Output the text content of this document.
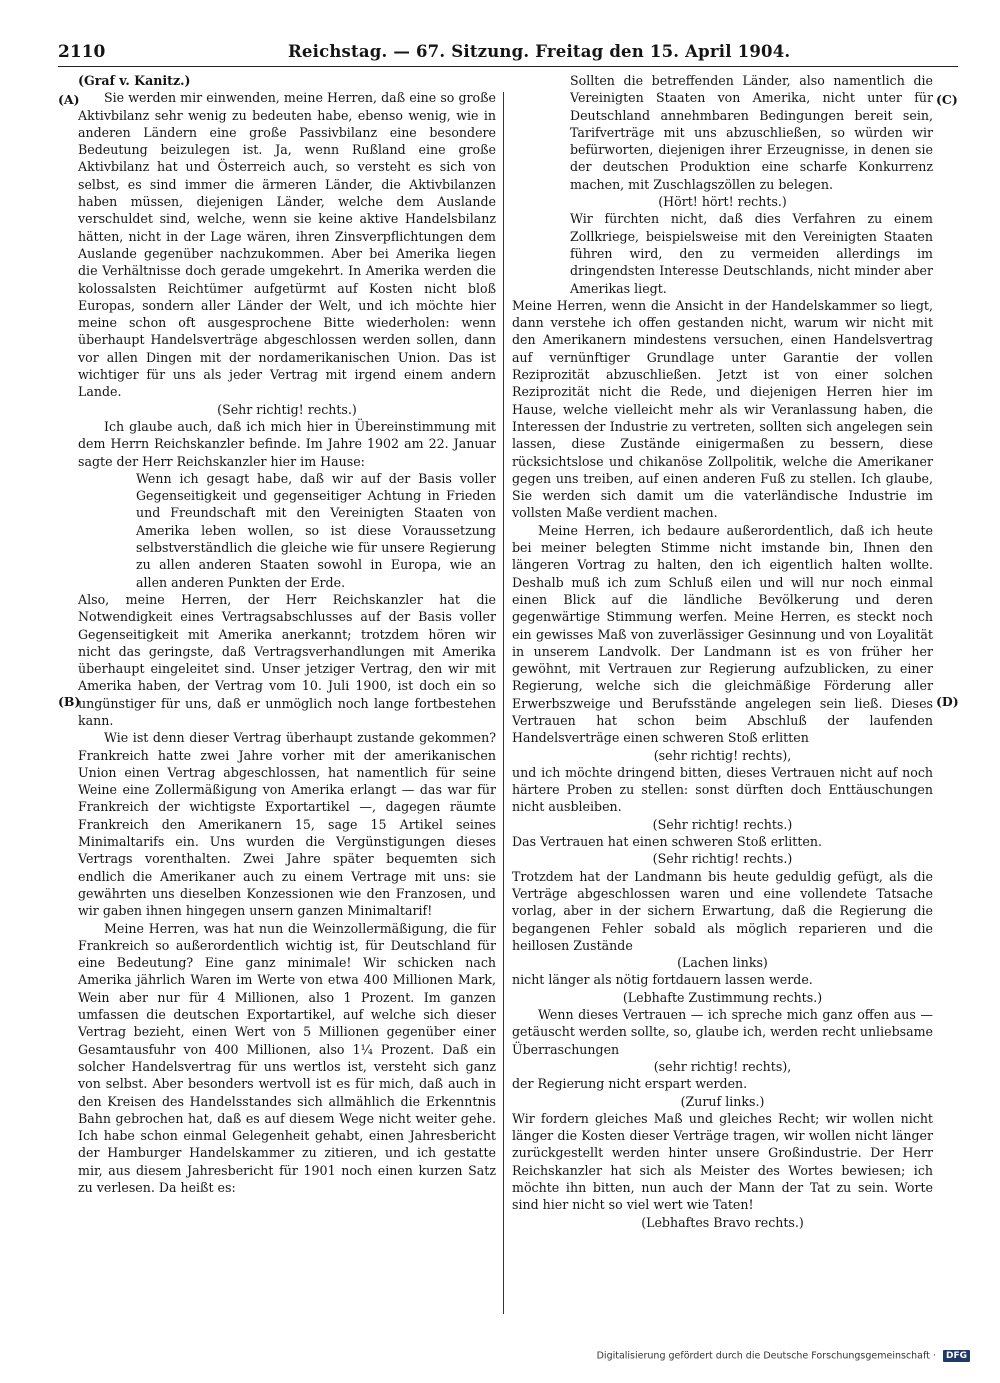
2110	Reichstag. — 67. Sitzung. Freitag den 15. April 1904.
(A)
(B)
(C)
(D)

(Graf v. Kanitz.)

Sie werden mir einwenden, meine Herren, daß eine so große Aktivbilanz sehr wenig zu bedeuten habe, ebenso wenig, wie in anderen Ländern eine große Passivbilanz eine besondere Bedeutung beizulegen ist. Ja, wenn Rußland eine große Aktivbilanz hat und Österreich auch, so versteht es sich von selbst, es sind immer die ärmeren Länder, die Aktivbilanzen haben müssen, diejenigen Länder, welche dem Auslande verschuldet sind, welche, wenn sie keine aktive Handelsbilanz hätten, nicht in der Lage wären, ihren Zinsverpflichtungen dem Auslande gegenüber nachzukommen. Aber bei Amerika liegen die Verhältnisse doch gerade umgekehrt. In Amerika werden die kolossalsten Reichtümer aufgetürmt auf Kosten nicht bloß Europas, sondern aller Länder der Welt, und ich möchte hier meine schon oft ausgesprochene Bitte wiederholen: wenn überhaupt Handelsverträge abgeschlossen werden sollen, dann vor allen Dingen mit der nordamerikanischen Union. Das ist wichtiger für uns als jeder Vertrag mit irgend einem andern Lande.

(Sehr richtig! rechts.)

Ich glaube auch, daß ich mich hier in Übereinstimmung mit dem Herrn Reichskanzler befinde. Im Jahre 1902 am 22. Januar sagte der Herr Reichskanzler hier im Hause:

Wenn ich gesagt habe, daß wir auf der Basis voller Gegenseitigkeit und gegenseitiger Achtung in Frieden und Freundschaft mit den Vereinigten Staaten von Amerika leben wollen, so ist diese Voraussetzung selbstverständlich die gleiche wie für unsere Regierung zu allen anderen Staaten sowohl in Europa, wie an allen anderen Punkten der Erde.

Also, meine Herren, der Herr Reichskanzler hat die Notwendigkeit eines Vertragsabschlusses auf der Basis voller Gegenseitigkeit mit Amerika anerkannt; trotzdem hören wir nicht das geringste, daß Vertragsverhandlungen mit Amerika überhaupt eingeleitet sind. Unser jetziger Vertrag, den wir mit Amerika haben, der Vertrag vom 10. Juli 1900, ist doch ein so ungünstiger für uns, daß er unmöglich noch lange fortbestehen kann.

Wie ist denn dieser Vertrag überhaupt zustande gekommen? Frankreich hatte zwei Jahre vorher mit der amerikanischen Union einen Vertrag abgeschlossen, hat namentlich für seine Weine eine Zollermäßigung von Amerika erlangt — das war für Frankreich der wichtigste Exportartikel —, dagegen räumte Frankreich den Amerikanern 15, sage 15 Artikel seines Minimaltarifs ein. Uns wurden die Vergünstigungen dieses Vertrags vorenthalten. Zwei Jahre später bequemten sich endlich die Amerikaner auch zu einem Vertrage mit uns: sie gewährten uns dieselben Konzessionen wie den Franzosen, und wir gaben ihnen hingegen unsern ganzen Minimaltarif!

Meine Herren, was hat nun die Weinzollermäßigung, die für Frankreich so außerordentlich wichtig ist, für Deutschland für eine Bedeutung? Eine ganz minimale! Wir schicken nach Amerika jährlich Waren im Werte von etwa 400 Millionen Mark, Wein aber nur für 4 Millionen, also 1 Prozent. Im ganzen umfassen die deutschen Exportartikel, auf welche sich dieser Vertrag bezieht, einen Wert von 5 Millionen gegenüber einer Gesamtausfuhr von 400 Millionen, also 1¼ Prozent. Daß ein solcher Handelsvertrag für uns wertlos ist, versteht sich ganz von selbst. Aber besonders wertvoll ist es für mich, daß auch in den Kreisen des Handelsstandes sich allmählich die Erkenntnis Bahn gebrochen hat, daß es auf diesem Wege nicht weiter gehe. Ich habe schon einmal Gelegenheit gehabt, einen Jahresbericht der Hamburger Handelskammer zu zitieren, und ich gestatte mir, aus diesem Jahresbericht für 1901 noch einen kurzen Satz zu verlesen. Da heißt es:

Sollten die betreffenden Länder, also namentlich die Vereinigten Staaten von Amerika, nicht unter für Deutschland annehmbaren Bedingungen bereit sein, Tarifverträge mit uns abzuschließen, so würden wir befürworten, diejenigen ihrer Erzeugnisse, in denen sie der deutschen Produktion eine scharfe Konkurrenz machen, mit Zuschlagszöllen zu belegen.

(Hört! hört! rechts.)

Wir fürchten nicht, daß dies Verfahren zu einem Zollkriege, beispielsweise mit den Vereinigten Staaten führen wird, den zu vermeiden allerdings im dringendsten Interesse Deutschlands, nicht minder aber Amerikas liegt.

Meine Herren, wenn die Ansicht in der Handelskammer so liegt, dann verstehe ich offen gestanden nicht, warum wir nicht mit den Amerikanern mindestens versuchen, einen Handelsvertrag auf vernünftiger Grundlage unter Garantie der vollen Reziprozität abzuschließen. Jetzt ist von einer solchen Reziprozität nicht die Rede, und diejenigen Herren hier im Hause, welche vielleicht mehr als wir Veranlassung haben, die Interessen der Industrie zu vertreten, sollten sich angelegen sein lassen, diese Zustände einigermaßen zu bessern, diese rücksichtslose und chikanöse Zollpolitik, welche die Amerikaner gegen uns treiben, auf einen anderen Fuß zu stellen. Ich glaube, Sie werden sich damit um die vaterländische Industrie im vollsten Maße verdient machen.

Meine Herren, ich bedaure außerordentlich, daß ich heute bei meiner belegten Stimme nicht imstande bin, Ihnen den längeren Vortrag zu halten, den ich eigentlich halten wollte. Deshalb muß ich zum Schluß eilen und will nur noch einmal einen Blick auf die ländliche Bevölkerung und deren gegenwärtige Stimmung werfen. Meine Herren, es steckt noch ein gewisses Maß von zuverlässiger Gesinnung und von Loyalität in unserem Landvolk. Der Landmann ist es von früher her gewöhnt, mit Vertrauen zur Regierung aufzublicken, zu einer Regierung, welche sich die gleichmäßige Förderung aller Erwerbszweige und Berufsstände angelegen sein ließ. Dieses Vertrauen hat schon beim Abschluß der laufenden Handelsverträge einen schweren Stoß erlitten

(sehr richtig! rechts),

und ich möchte dringend bitten, dieses Vertrauen nicht auf noch härtere Proben zu stellen: sonst dürften doch Enttäuschungen nicht ausbleiben.

(Sehr richtig! rechts.)

Das Vertrauen hat einen schweren Stoß erlitten.

(Sehr richtig! rechts.)

Trotzdem hat der Landmann bis heute geduldig gefügt, als die Verträge abgeschlossen waren und eine vollendete Tatsache vorlag, aber in der sichern Erwartung, daß die Regierung die begangenen Fehler sobald als möglich reparieren und die heillosen Zustände

(Lachen links)

nicht länger als nötig fortdauern lassen werde.

(Lebhafte Zustimmung rechts.)

Wenn dieses Vertrauen — ich spreche mich ganz offen aus — getäuscht werden sollte, so, glaube ich, werden recht unliebsame Überraschungen

(sehr richtig! rechts),

der Regierung nicht erspart werden.

(Zuruf links.)

Wir fordern gleiches Maß und gleiches Recht; wir wollen nicht länger die Kosten dieser Verträge tragen, wir wollen nicht länger zurückgestellt werden hinter unsere Großindustrie. Der Herr Reichskanzler hat sich als Meister des Wortes bewiesen; ich möchte ihn bitten, nun auch der Mann der Tat zu sein. Worte sind hier nicht so viel wert wie Taten!

(Lebhaftes Bravo rechts.)

Digitalisierung gefördert durch die Deutsche Forschungsgemeinschaft · DFG
